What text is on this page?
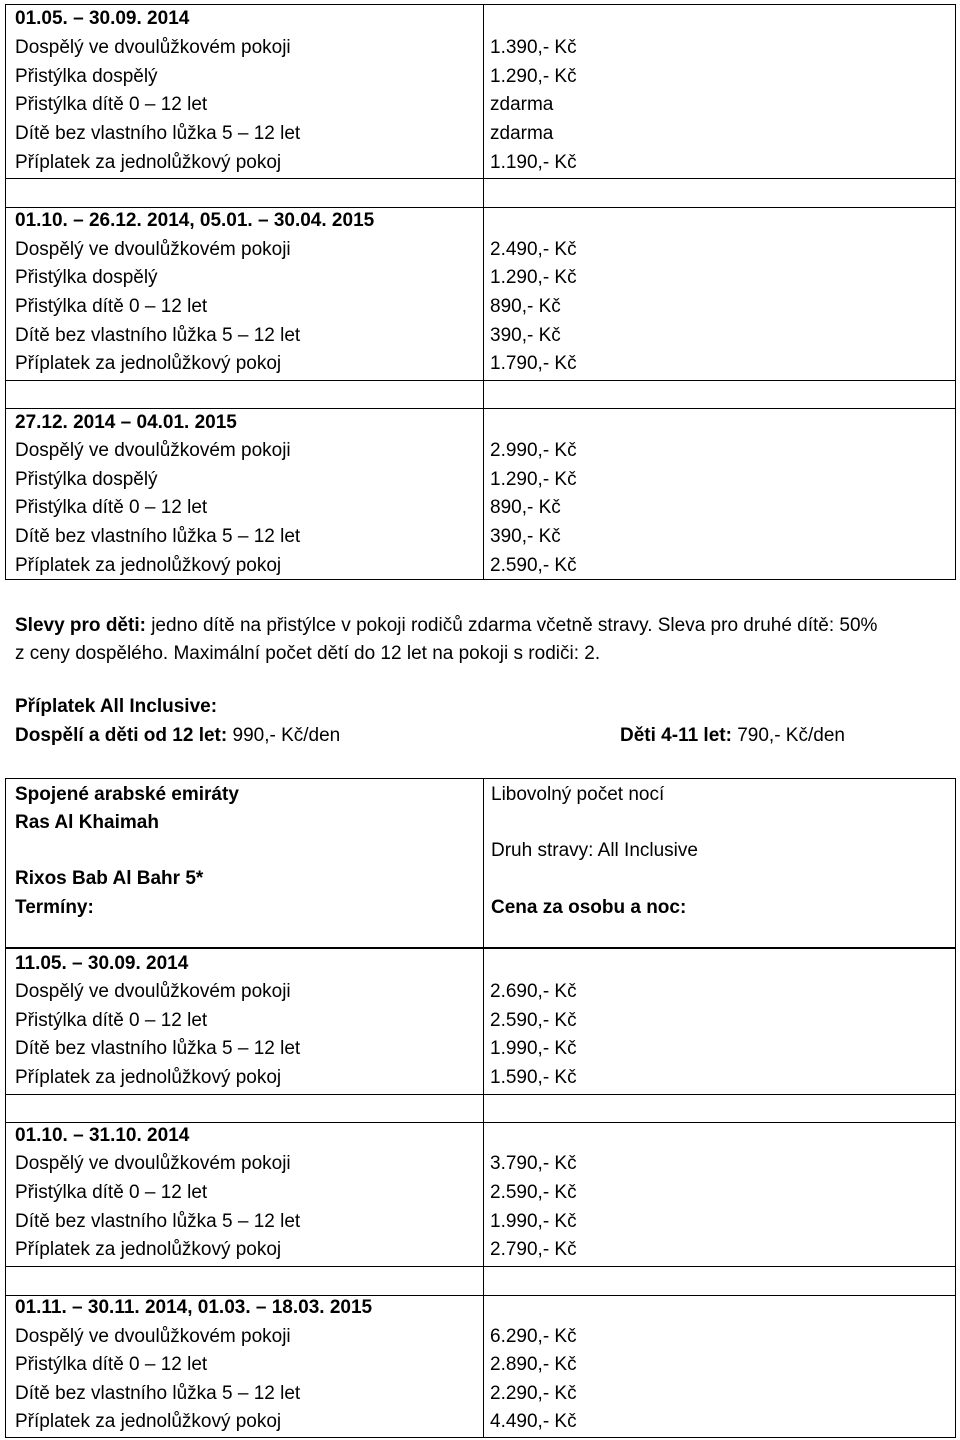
01.05. – 30.09. 2014
Dospělý ve dvoulůžkovém pokoji	1.390,- Kč
Přistýlka dospělý	1.290,- Kč
Přistýlka dítě 0 – 12 let	zdarma
Dítě bez vlastního lůžka 5 – 12 let	zdarma
Příplatek za jednolůžkový pokoj	1.190,- Kč
01.10. – 26.12. 2014, 05.01. – 30.04. 2015
Dospělý ve dvoulůžkovém pokoji	2.490,- Kč
Přistýlka dospělý	1.290,- Kč
Přistýlka dítě 0 – 12 let	890,- Kč
Dítě bez vlastního lůžka 5 – 12 let	390,- Kč
Příplatek za jednolůžkový pokoj	1.790,- Kč
27.12. 2014 – 04.01. 2015
Dospělý ve dvoulůžkovém pokoji	2.990,- Kč
Přistýlka dospělý	1.290,- Kč
Přistýlka dítě 0 – 12 let	890,- Kč
Dítě bez vlastního lůžka 5 – 12 let	390,- Kč
Příplatek za jednolůžkový pokoj	2.590,- Kč
Slevy pro děti: jedno dítě na přistýlce v pokoji rodičů zdarma včetně stravy. Sleva pro druhé dítě: 50%
z ceny dospělého. Maximální počet dětí do 12 let na pokoji s rodiči: 2.
Příplatek All Inclusive:
Dospělí a děti od 12 let: 990,- Kč/den	Děti 4-11 let: 790,- Kč/den
Spojené arabské emiráty
Ras Al Khaimah
Rixos Bab Al Bahr 5*
Termíny:
Libovolný počet nocí
Druh stravy: All Inclusive
Cena za osobu a noc:
11.05. – 30.09. 2014
Dospělý ve dvoulůžkovém pokoji	2.690,- Kč
Přistýlka dítě 0 – 12 let	2.590,- Kč
Dítě bez vlastního lůžka 5 – 12 let	1.990,- Kč
Příplatek za jednolůžkový pokoj	1.590,- Kč
01.10. – 31.10. 2014
Dospělý ve dvoulůžkovém pokoji	3.790,- Kč
Přistýlka dítě 0 – 12 let	2.590,- Kč
Dítě bez vlastního lůžka 5 – 12 let	1.990,- Kč
Příplatek za jednolůžkový pokoj	2.790,- Kč
01.11. – 30.11. 2014, 01.03. – 18.03. 2015
Dospělý ve dvoulůžkovém pokoji	6.290,- Kč
Přistýlka dítě 0 – 12 let	2.890,- Kč
Dítě bez vlastního lůžka 5 – 12 let	2.290,- Kč
Příplatek za jednolůžkový pokoj	4.490,- Kč
